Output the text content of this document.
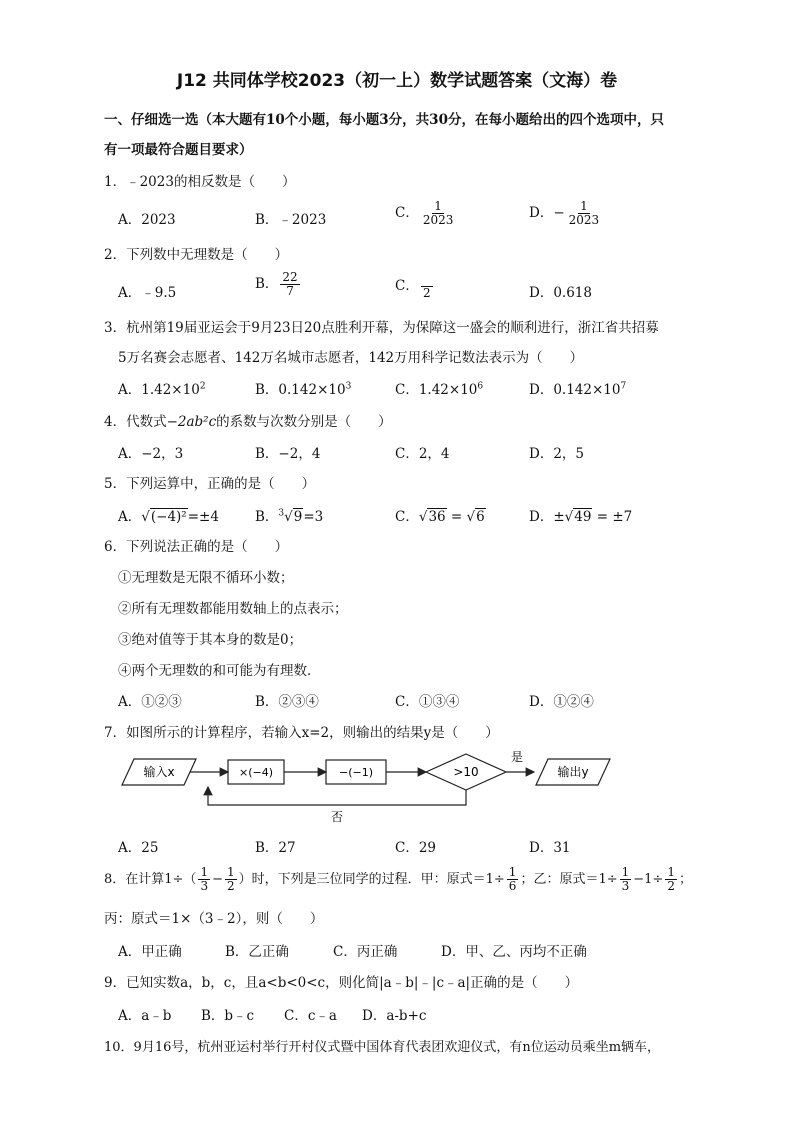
J12 共同体学校2023（初一上）数学试题答案（文海）卷
一、仔细选一选（本大题有10个小题，每小题3分，共30分，在每小题给出的四个选项中，只
有一项最符合题目要求）
1．﹣2023的相反数是（　　）
A．2023	B．﹣2023	C． $\frac{1}{2023}$	D．− $\frac{1}{2023}$
2．下列数中无理数是（　　）
A．﹣9.5
B． $\frac{22}{7}$	C． 2	D．0.618
3．杭州第19届亚运会于9月23日20点胜利开幕，为保障这一盛会的顺利进行，浙江省共招募
5万名赛会志愿者、142万名城市志愿者，142万用科学记数法表示为（　　）
A．$1.42\times 10^2$	B．$0.142\times 10^3$	C．$1.42\times 10^6$	D．$0.142\times 10^7$
4．代数式−2ab²c的系数与次数分别是（　　）
A．−2，3	B．−2，4	C．2，4	D．2，5
5．下列运算中，正确的是（　　）
A．√(−4)²=±4	B．$^3$√9=3	C．√36 = √6	D．±√49 = ±7
6．下列说法正确的是（　　）
①无理数是无限不循环小数；
②所有无理数都能用数轴上的点表示；
③绝对值等于其本身的数是0；
④两个无理数的和可能为有理数．
A．①②③	B．②③④	C．①③④	D．①②④
7．如图所示的计算程序，若输入x=2，则输出的结果y是（　　）
输入x	×(−4)	−(−1)	>10
是
输出y
否
A．25	B．27	C．29	D．31
8．在计算$1\div( \frac{1}{3} - \frac{1}{2}$ ）时，下列是三位同学的过程．甲：原式$=1\div \frac{1}{6}$ ；乙：原式$=1\div \frac{1}{3} -1\div \frac{1}{2}$ ；
丙：原式＝1×（3﹣2），则（　　）
A．甲正确	B．乙正确	C．丙正确	D．甲、乙、丙均不正确
9．已知实数a，b，c，且a<b<0<c，则化简|a﹣b|﹣|c﹣a|正确的是（　　）
A．a﹣b B．b﹣c C．c﹣a D．a-b+c
10．9月16号，杭州亚运村举行开村仪式暨中国体育代表团欢迎仪式，有n位运动员乘坐m辆车，
